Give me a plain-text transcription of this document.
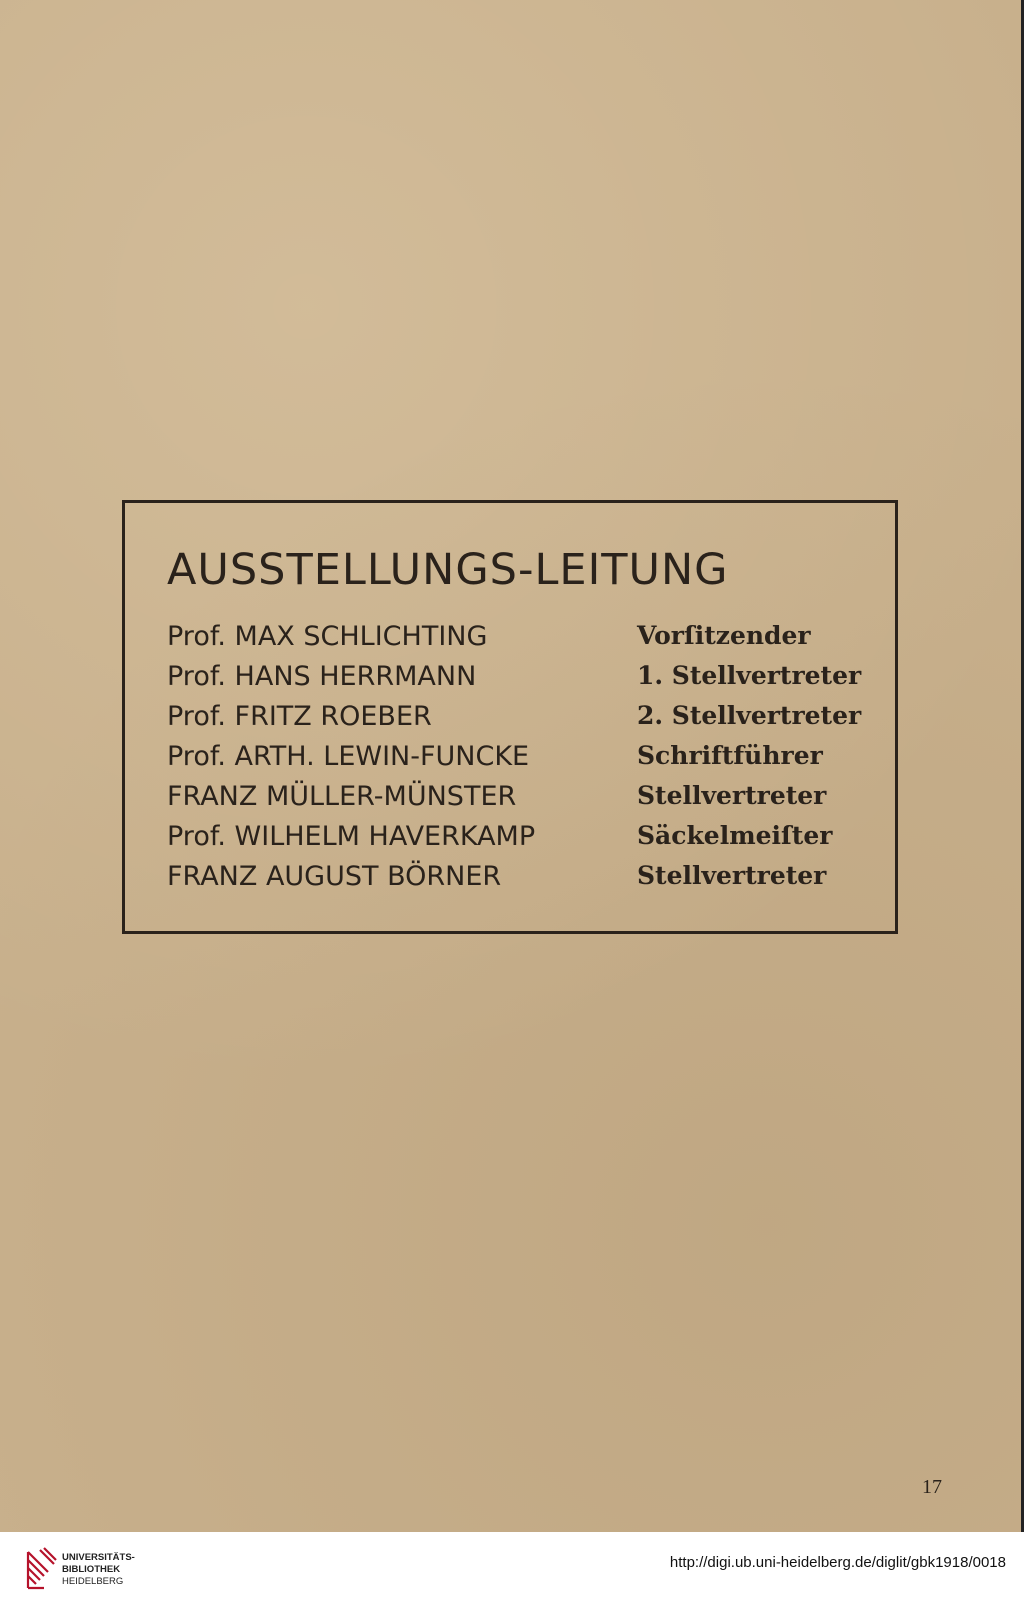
AUSSTELLUNGS-LEITUNG
Prof. MAX SCHLICHTING	Vorſitzender
Prof. HANS HERRMANN	1. Stellvertreter
Prof. FRITZ ROEBER	2. Stellvertreter
Prof. ARTH. LEWIN-FUNCKE	Schriftführer
FRANZ MÜLLER-MÜNSTER	Stellvertreter
Prof. WILHELM HAVERKAMP	Säckelmeiſter
FRANZ AUGUST BÖRNER	Stellvertreter
17
UNIVERSITÄTS-
BIBLIOTHEK
HEIDELBERG
http://digi.ub.uni-heidelberg.de/diglit/gbk1918/0018
